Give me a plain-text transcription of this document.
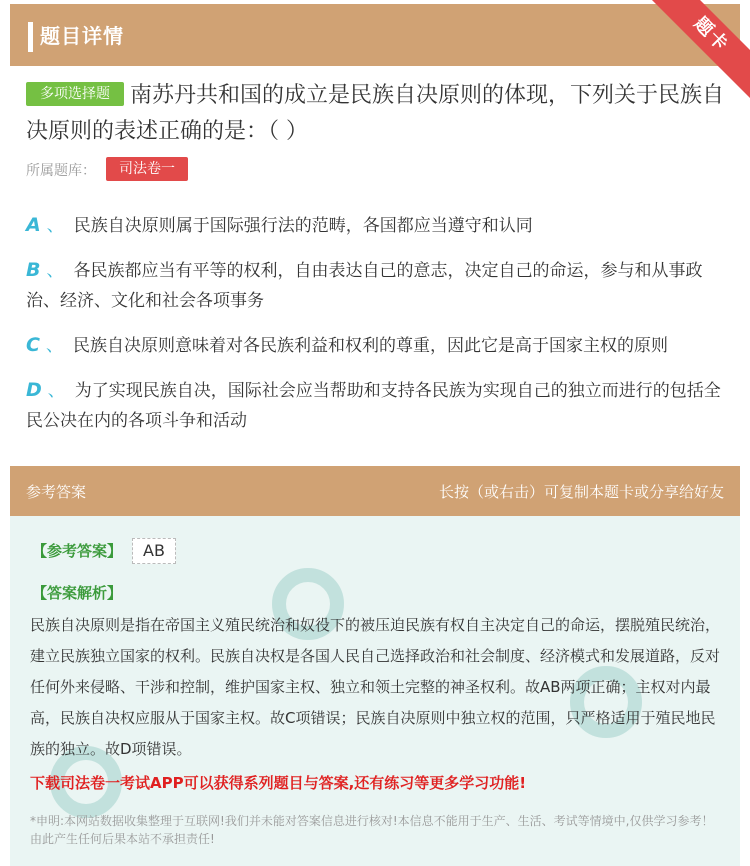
题目详情	题卡
南苏丹共和国的成立是民族自决原则的体现，下列关于民族自决原则的表述正确的是：（ ）
多项选择题
所属题库：	司法卷一
A 、 民族自决原则属于国际强行法的范畴，各国都应当遵守和认同
B 、 各民族都应当有平等的权利，自由表达自己的意志，决定自己的命运，参与和从事政治、经济、文化和社会各项事务
C 、 民族自决原则意味着对各民族利益和权利的尊重，因此它是高于国家主权的原则
D 、 为了实现民族自决，国际社会应当帮助和支持各民族为实现自己的独立而进行的包括全民公决在内的各项斗争和活动
参考答案	长按（或右击）可复制本题卡或分享给好友
【参考答案】	AB
【答案解析】
民族自决原则是指在帝国主义殖民统治和奴役下的被压迫民族有权自主决定自己的命运，摆脱殖民统治，建立民族独立国家的权利。民族自决权是各国人民自己选择政治和社会制度、经济模式和发展道路，反对任何外来侵略、干涉和控制，维护国家主权、独立和领土完整的神圣权利。故AB两项正确；主权对内最高，民族自决权应服从于国家主权。故C项错误；民族自决原则中独立权的范围，只严格适用于殖民地民族的独立。故D项错误。
下载司法卷一考试APP可以获得系列题目与答案,还有练习等更多学习功能!
*申明:本网站数据收集整理于互联网!我们并未能对答案信息进行核对!本信息不能用于生产、生活、考试等情境中,仅供学习参考！由此产生任何后果本站不承担责任!
